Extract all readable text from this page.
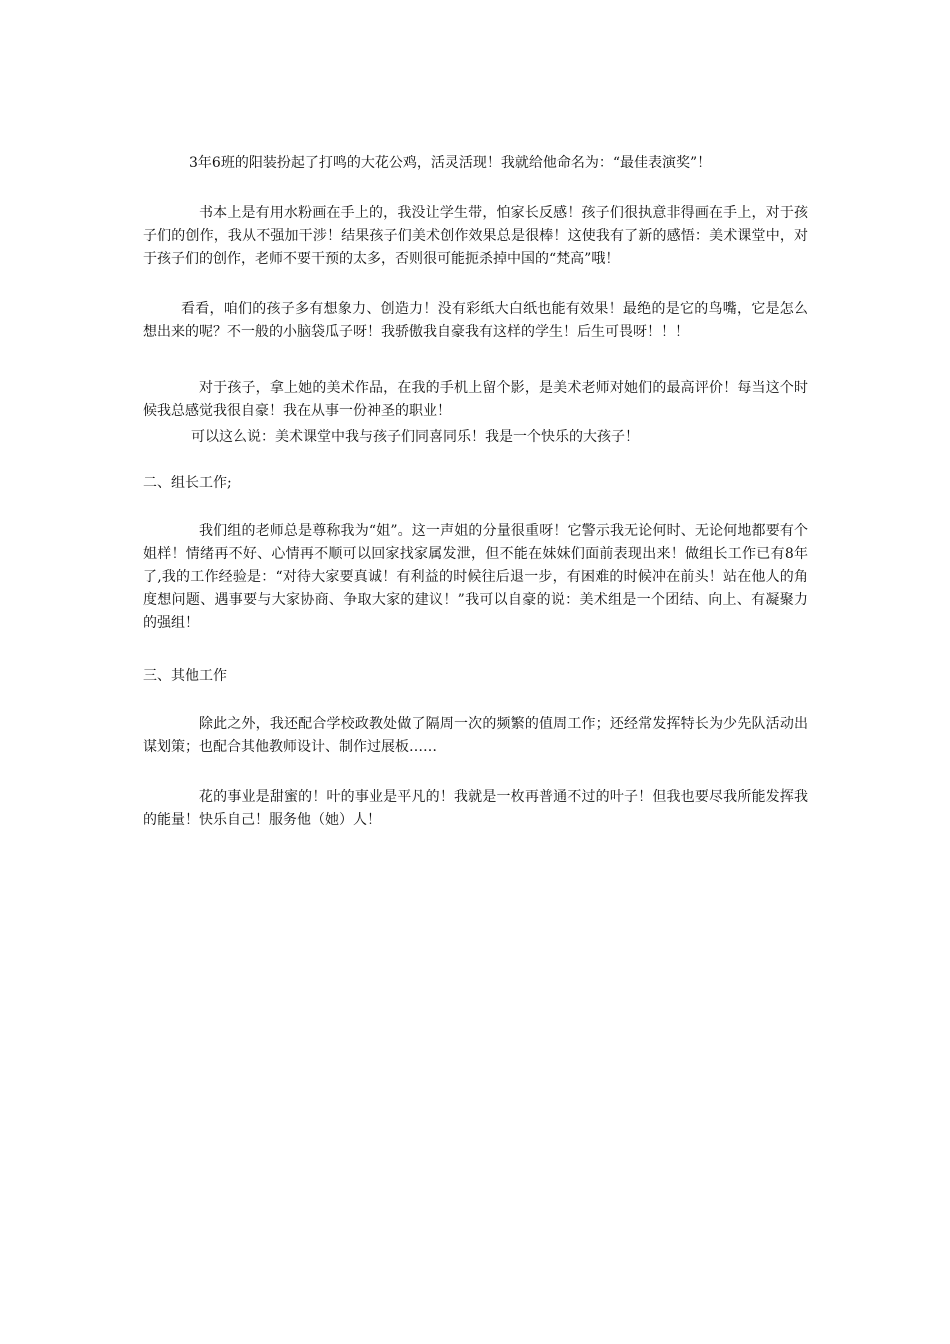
3年6班的阳装扮起了打鸣的大花公鸡，活灵活现！我就给他命名为：“最佳表演奖”！

书本上是有用水粉画在手上的，我没让学生带，怕家长反感！孩子们很执意非得画在手上，对于孩子们的创作，我从不强加干涉！结果孩子们美术创作效果总是很棒！这使我有了新的感悟：美术课堂中，对于孩子们的创作，老师不要干预的太多，否则很可能扼杀掉中国的“梵高”哦！

看看，咱们的孩子多有想象力、创造力！没有彩纸大白纸也能有效果！最绝的是它的鸟嘴，它是怎么想出来的呢？不一般的小脑袋瓜子呀！我骄傲我自豪我有这样的学生！后生可畏呀！！！

对于孩子，拿上她的美术作品，在我的手机上留个影，是美术老师对她们的最高评价！每当这个时候我总感觉我很自豪！我在从事一份神圣的职业！

可以这么说：美术课堂中我与孩子们同喜同乐！我是一个快乐的大孩子！

二、组长工作;

我们组的老师总是尊称我为“姐”。这一声姐的分量很重呀！它警示我无论何时、无论何地都要有个姐样！情绪再不好、心情再不顺可以回家找家属发泄，但不能在妹妹们面前表现出来！做组长工作已有8年了,我的工作经验是：“对待大家要真诚！有利益的时候往后退一步，有困难的时候冲在前头！站在他人的角度想问题、遇事要与大家协商、争取大家的建议！”我可以自豪的说：美术组是一个团结、向上、有凝聚力的强组！

三、其他工作

除此之外，我还配合学校政教处做了隔周一次的频繁的值周工作；还经常发挥特长为少先队活动出谋划策；也配合其他教师设计、制作过展板……

花的事业是甜蜜的！叶的事业是平凡的！我就是一枚再普通不过的叶子！但我也要尽我所能发挥我的能量！快乐自己！服务他（她）人！
